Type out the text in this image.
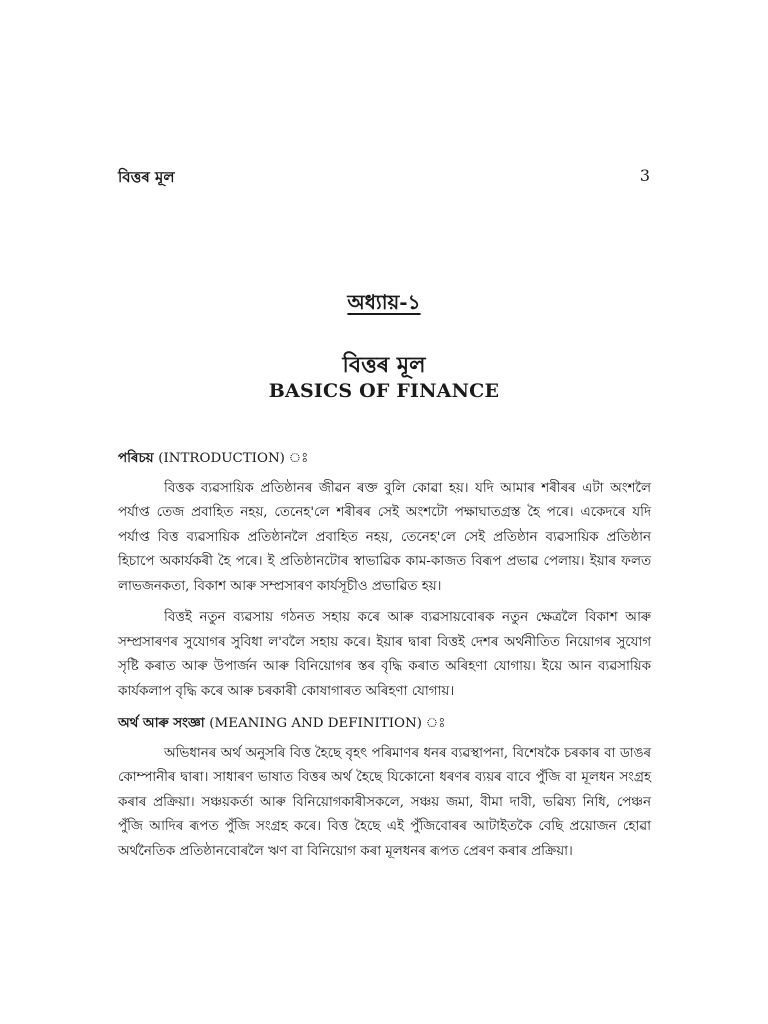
বিত্তৰ মূল	3
অধ্যায়-১
বিত্তৰ মূল
BASICS OF FINANCE

পৰিচয় (INTRODUCTION) ঃ

বিত্তক ব্যৱসায়িক প্ৰতিষ্ঠানৰ জীৱন ৰক্ত বুলি কোৱা হয়। যদি আমাৰ শৰীৰৰ এটা অংশলৈ পৰ্যাপ্ত তেজ প্ৰবাহিত নহয়, তেনেহ'লে শৰীৰৰ সেই অংশটো পক্ষাঘাতগ্ৰস্ত হৈ পৰে। একেদৰে যদি পৰ্যাপ্ত বিত্ত ব্যৱসায়িক প্ৰতিষ্ঠানলৈ প্ৰবাহিত নহয়, তেনেহ'লে সেই প্ৰতিষ্ঠান ব্যৱসায়িক প্ৰতিষ্ঠান হিচাপে অকাৰ্যকৰী হৈ পৰে। ই প্ৰতিষ্ঠানটোৰ স্বাভাৱিক কাম-কাজত বিৰূপ প্ৰভাৱ পেলায়। ইয়াৰ ফলত লাভজনকতা, বিকাশ আৰু সম্প্ৰসাৰণ কাৰ্যসূচীও প্ৰভাৱিত হয়।

বিত্তই নতুন ব্যৱসায় গঠনত সহায় কৰে আৰু ব্যৱসায়বোৰক নতুন ক্ষেত্ৰলৈ বিকাশ আৰু সম্প্ৰসাৰণৰ সুযোগৰ সুবিধা ল'বলৈ সহায় কৰে। ইয়াৰ দ্বাৰা বিত্তই দেশৰ অৰ্থনীতিত নিয়োগৰ সুযোগ সৃষ্টি কৰাত আৰু উপাৰ্জন আৰু বিনিয়োগৰ স্তৰ বৃদ্ধি কৰাত অৰিহণা যোগায়। ইয়ে আন ব্যৱসায়িক কাৰ্যকলাপ বৃদ্ধি কৰে আৰু চৰকাৰী কোষাগাৰত অৰিহণা যোগায়।

অৰ্থ আৰু সংজ্ঞা (MEANING AND DEFINITION) ঃ

অভিধানৰ অৰ্থ অনুসৰি বিত্ত হৈছে বৃহৎ পৰিমাণৰ ধনৰ ব্যৱস্থাপনা, বিশেষকৈ চৰকাৰ বা ডাঙৰ কোম্পানীৰ দ্বাৰা। সাধাৰণ ভাষাত বিত্তৰ অৰ্থ হৈছে যিকোনো ধৰণৰ ব্যয়ৰ বাবে পুঁজি বা মূলধন সংগ্ৰহ কৰাৰ প্ৰক্ৰিয়া। সঞ্চয়কৰ্তা আৰু বিনিয়োগকাৰীসকলে, সঞ্চয় জমা, বীমা দাবী, ভৱিষ্য নিধি, পেঞ্চন পুঁজি আদিৰ ৰূপত পুঁজি সংগ্ৰহ কৰে। বিত্ত হৈছে এই পুঁজিবোৰৰ আটাইতকৈ বেছি প্ৰয়োজন হোৱা অৰ্থনৈতিক প্ৰতিষ্ঠানবোৰলৈ ঋণ বা বিনিয়োগ কৰা মূলধনৰ ৰূপত প্ৰেৰণ কৰাৰ প্ৰক্ৰিয়া।
